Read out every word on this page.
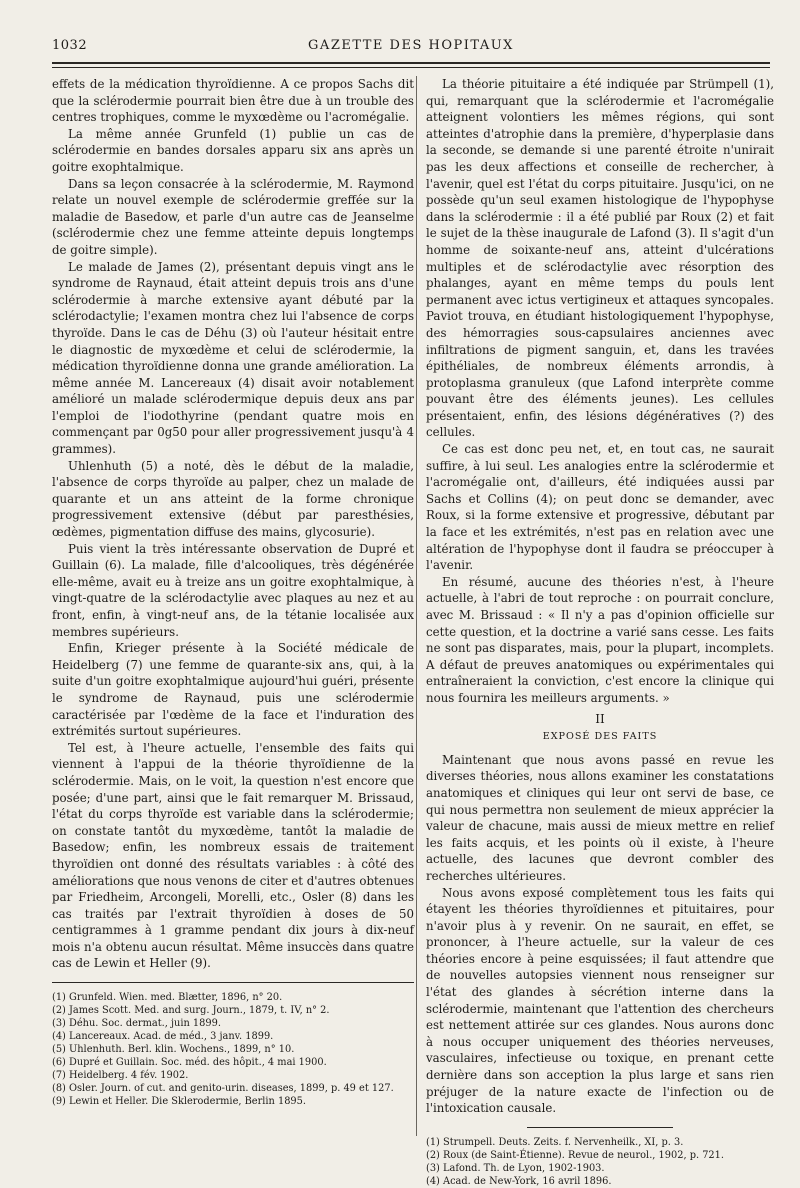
1032	GAZETTE DES HOPITAUX

effets de la médication thyroïdienne. A ce propos Sachs dit que la sclérodermie pourrait bien être due à un trouble des centres trophiques, comme le myxœdème ou l'acromégalie.

La même année Grunfeld (1) publie un cas de sclérodermie en bandes dorsales apparu six ans après un goitre exophtalmique.

Dans sa leçon consacrée à la sclérodermie, M. Raymond relate un nouvel exemple de sclérodermie greffée sur la maladie de Basedow, et parle d'un autre cas de Jeanselme (sclérodermie chez une femme atteinte depuis longtemps de goitre simple).

Le malade de James (2), présentant depuis vingt ans le syndrome de Raynaud, était atteint depuis trois ans d'une sclérodermie à marche extensive ayant débuté par la sclérodactylie; l'examen montra chez lui l'absence de corps thyroïde. Dans le cas de Déhu (3) où l'auteur hésitait entre le diagnostic de myxœdème et celui de sclérodermie, la médication thyroïdienne donna une grande amélioration. La même année M. Lancereaux (4) disait avoir notablement amélioré un malade sclérodermique depuis deux ans par l'emploi de l'iodothyrine (pendant quatre mois en commençant par 0g50 pour aller progressivement jusqu'à 4 grammes).

Uhlenhuth (5) a noté, dès le début de la maladie, l'absence de corps thyroïde au palper, chez un malade de quarante et un ans atteint de la forme chronique progressivement extensive (début par paresthésies, œdèmes, pigmentation diffuse des mains, glycosurie).

Puis vient la très intéressante observation de Dupré et Guillain (6). La malade, fille d'alcooliques, très dégénérée elle-même, avait eu à treize ans un goitre exophtalmique, à vingt-quatre de la sclérodactylie avec plaques au nez et au front, enfin, à vingt-neuf ans, de la tétanie localisée aux membres supérieurs.

Enfin, Krieger présente à la Société médicale de Heidelberg (7) une femme de quarante-six ans, qui, à la suite d'un goitre exophtalmique aujourd'hui guéri, présente le syndrome de Raynaud, puis une sclérodermie caractérisée par l'œdème de la face et l'induration des extrémités surtout supérieures.

Tel est, à l'heure actuelle, l'ensemble des faits qui viennent à l'appui de la théorie thyroïdienne de la sclérodermie. Mais, on le voit, la question n'est encore que posée; d'une part, ainsi que le fait remarquer M. Brissaud, l'état du corps thyroïde est variable dans la sclérodermie; on constate tantôt du myxœdème, tantôt la maladie de Basedow; enfin, les nombreux essais de traitement thyroïdien ont donné des résultats variables : à côté des améliorations que nous venons de citer et d'autres obtenues par Friedheim, Arcongeli, Morelli, etc., Osler (8) dans les cas traités par l'extrait thyroïdien à doses de 50 centigrammes à 1 gramme pendant dix jours à dix-neuf mois n'a obtenu aucun résultat. Même insuccès dans quatre cas de Lewin et Heller (9).

(1) Grunfeld. Wien. med. Blætter, 1896, n° 20.
(2) James Scott. Med. and surg. Journ., 1879, t. IV, n° 2.
(3) Déhu. Soc. dermat., juin 1899.
(4) Lancereaux. Acad. de méd., 3 janv. 1899.
(5) Uhlenhuth. Berl. klin. Wochens., 1899, n° 10.
(6) Dupré et Guillain. Soc. méd. des hôpit., 4 mai 1900.
(7) Heidelberg. 4 fév. 1902.
(8) Osler. Journ. of cut. and genito-urin. diseases, 1899, p. 49 et 127.
(9) Lewin et Heller. Die Sklerodermie, Berlin 1895.

La théorie pituitaire a été indiquée par Strümpell (1), qui, remarquant que la sclérodermie et l'acromégalie atteignent volontiers les mêmes régions, qui sont atteintes d'atrophie dans la première, d'hyperplasie dans la seconde, se demande si une parenté étroite n'unirait pas les deux affections et conseille de rechercher, à l'avenir, quel est l'état du corps pituitaire. Jusqu'ici, on ne possède qu'un seul examen histologique de l'hypophyse dans la sclérodermie : il a été publié par Roux (2) et fait le sujet de la thèse inaugurale de Lafond (3). Il s'agit d'un homme de soixante-neuf ans, atteint d'ulcérations multiples et de sclérodactylie avec résorption des phalanges, ayant en même temps du pouls lent permanent avec ictus vertigineux et attaques syncopales. Paviot trouva, en étudiant histologiquement l'hypophyse, des hémorragies sous-capsulaires anciennes avec infiltrations de pigment sanguin, et, dans les travées épithéliales, de nombreux éléments arrondis, à protoplasma granuleux (que Lafond interprète comme pouvant être des éléments jeunes). Les cellules présentaient, enfin, des lésions dégénératives (?) des cellules.

Ce cas est donc peu net, et, en tout cas, ne saurait suffire, à lui seul. Les analogies entre la sclérodermie et l'acromégalie ont, d'ailleurs, été indiquées aussi par Sachs et Collins (4); on peut donc se demander, avec Roux, si la forme extensive et progressive, débutant par la face et les extrémités, n'est pas en relation avec une altération de l'hypophyse dont il faudra se préoccuper à l'avenir.

En résumé, aucune des théories n'est, à l'heure actuelle, à l'abri de tout reproche : on pourrait conclure, avec M. Brissaud : « Il n'y a pas d'opinion officielle sur cette question, et la doctrine a varié sans cesse. Les faits ne sont pas disparates, mais, pour la plupart, incomplets. A défaut de preuves anatomiques ou expérimentales qui entraîneraient la conviction, c'est encore la clinique qui nous fournira les meilleurs arguments. »

II
EXPOSÉ DES FAITS

Maintenant que nous avons passé en revue les diverses théories, nous allons examiner les constatations anatomiques et cliniques qui leur ont servi de base, ce qui nous permettra non seulement de mieux apprécier la valeur de chacune, mais aussi de mieux mettre en relief les faits acquis, et les points où il existe, à l'heure actuelle, des lacunes que devront combler des recherches ultérieures.

Nous avons exposé complètement tous les faits qui étayent les théories thyroïdiennes et pituitaires, pour n'avoir plus à y revenir. On ne saurait, en effet, se prononcer, à l'heure actuelle, sur la valeur de ces théories encore à peine esquissées; il faut attendre que de nouvelles autopsies viennent nous renseigner sur l'état des glandes à sécrétion interne dans la sclérodermie, maintenant que l'attention des chercheurs est nettement attirée sur ces glandes. Nous aurons donc à nous occuper uniquement des théories nerveuses, vasculaires, infectieuse ou toxique, en prenant cette dernière dans son acception la plus large et sans rien préjuger de la nature exacte de l'infection ou de l'intoxication causale.

(1) Strumpell. Deuts. Zeits. f. Nervenheilk., XI, p. 3.
(2) Roux (de Saint-Étienne). Revue de neurol., 1902, p. 721.
(3) Lafond. Th. de Lyon, 1902-1903.
(4) Acad. de New-York, 16 avril 1896.
